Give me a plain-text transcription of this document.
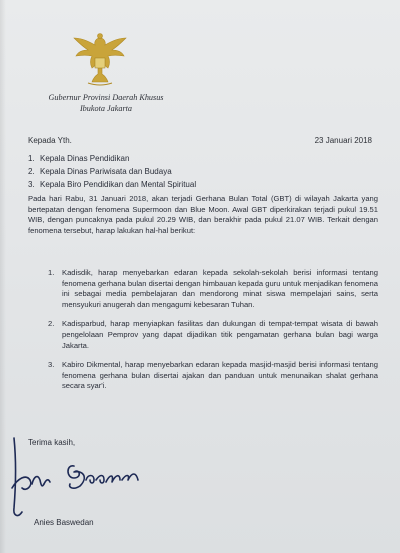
Gubernur Provinsi Daerah Khusus
Ibukota Jakarta
Kepada Yth.	23 Januari 2018
1. Kepala Dinas Pendidikan
2. Kepala Dinas Pariwisata dan Budaya
3. Kepala Biro Pendidikan dan Mental Spiritual
Pada hari Rabu, 31 Januari 2018, akan terjadi Gerhana Bulan Total (GBT) di wilayah Jakarta yang bertepatan dengan fenomena Supermoon dan Blue Moon. Awal GBT diperkirakan terjadi pukul 19.51 WIB, dengan puncaknya pada pukul 20.29 WIB, dan berakhir pada pukul 21.07 WIB. Terkait dengan fenomena tersebut, harap lakukan hal-hal berikut:
1. Kadisdik, harap menyebarkan edaran kepada sekolah-sekolah berisi informasi tentang fenomena gerhana bulan disertai dengan himbauan kepada guru untuk menjadikan fenomena ini sebagai media pembelajaran dan mendorong minat siswa mempelajari sains, serta mensyukuri anugerah dan mengagumi kebesaran Tuhan.
2. Kadisparbud, harap menyiapkan fasilitas dan dukungan di tempat-tempat wisata di bawah pengelolaan Pemprov yang dapat dijadikan titik pengamatan gerhana bulan bagi warga Jakarta.
3. Kabiro Dikmental, harap menyebarkan edaran kepada masjid-masjid berisi informasi tentang fenomena gerhana bulan disertai ajakan dan panduan untuk menunaikan shalat gerhana secara syar'i.
Terima kasih,
Anies Baswedan
